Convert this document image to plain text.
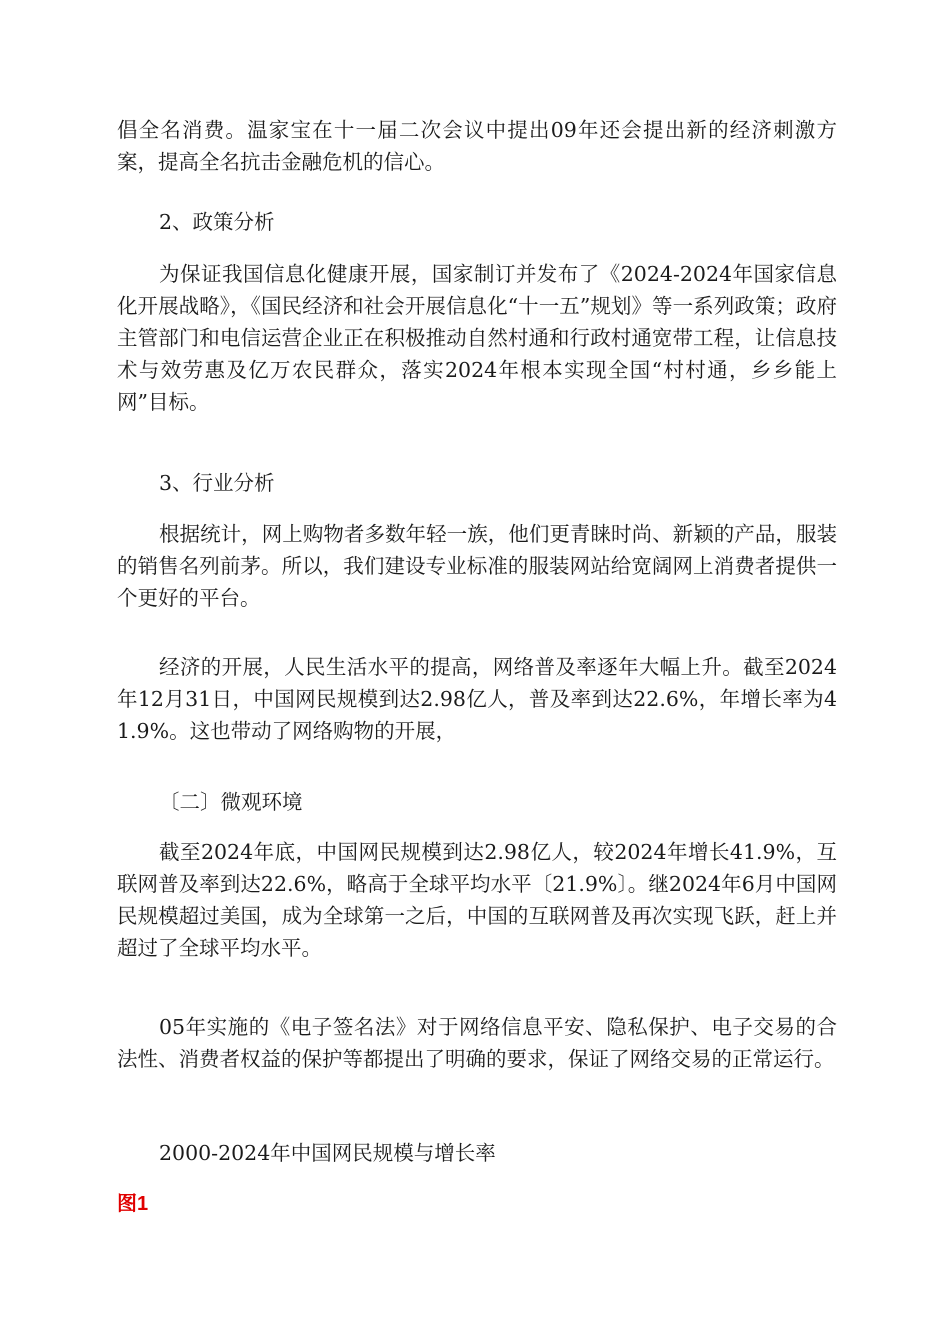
倡全名消费。温家宝在十一届二次会议中提出09年还会提出新的经济刺激方案，提高全名抗击金融危机的信心。

2、政策分析

为保证我国信息化健康开展，国家制订并发布了《2024-2024年国家信息化开展战略》，《国民经济和社会开展信息化“十一五”规划》等一系列政策；政府主管部门和电信运营企业正在积极推动自然村通和行政村通宽带工程，让信息技术与效劳惠及亿万农民群众，落实2024年根本实现全国“村村通，乡乡能上网”目标。

3、行业分析

根据统计，网上购物者多数年轻一族，他们更青睐时尚、新颖的产品，服装的销售名列前茅。所以，我们建设专业标准的服装网站给宽阔网上消费者提供一个更好的平台。

经济的开展，人民生活水平的提高，网络普及率逐年大幅上升。截至2024年12月31日，中国网民规模到达2.98亿人，普及率到达22.6%，年增长率为41.9%。这也带动了网络购物的开展，

〔二〕微观环境

截至2024年底，中国网民规模到达2.98亿人，较2024年增长41.9%，互联网普及率到达22.6%，略高于全球平均水平〔21.9%〕。继2024年6月中国网民规模超过美国，成为全球第一之后，中国的互联网普及再次实现飞跃，赶上并超过了全球平均水平。

05年实施的《电子签名法》对于网络信息平安、隐私保护、电子交易的合法性、消费者权益的保护等都提出了明确的要求，保证了网络交易的正常运行。

2000-2024年中国网民规模与增长率

图1
